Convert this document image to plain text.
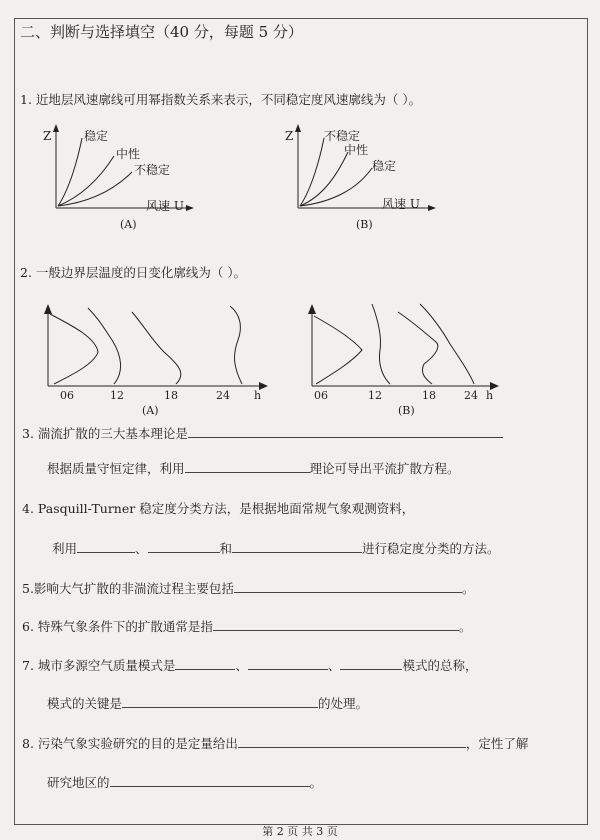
二、判断与选择填空（40 分，每题 5 分）
1. 近地层风速廓线可用幂指数关系来表示，不同稳定度风速廓线为（ ）。
Z	稳定
中性
不稳定
风速 U
(A)
Z	不稳定
中性
稳定
风速 U
(B)
2. 一般边界层温度的日变化廓线为（ ）。
06	12	18	24 h
(A)
06	12	18	24 h
(B)
3. 湍流扩散的三大基本理论是
根据质量守恒定律，利用	理论可导出平流扩散方程。
4. Pasquill-Turner 稳定度分类方法，是根据地面常规气象观测资料，
利用	、	和	进行稳定度分类的方法。
5.影响大气扩散的非湍流过程主要包括	。
6. 特殊气象条件下的扩散通常是指	。
7. 城市多源空气质量模式是	、	、	模式的总称，
模式的关键是	的处理。
8. 污染气象实验研究的目的是定量给出	，定性了解
研究地区的	。
第 2 页 共 3 页
